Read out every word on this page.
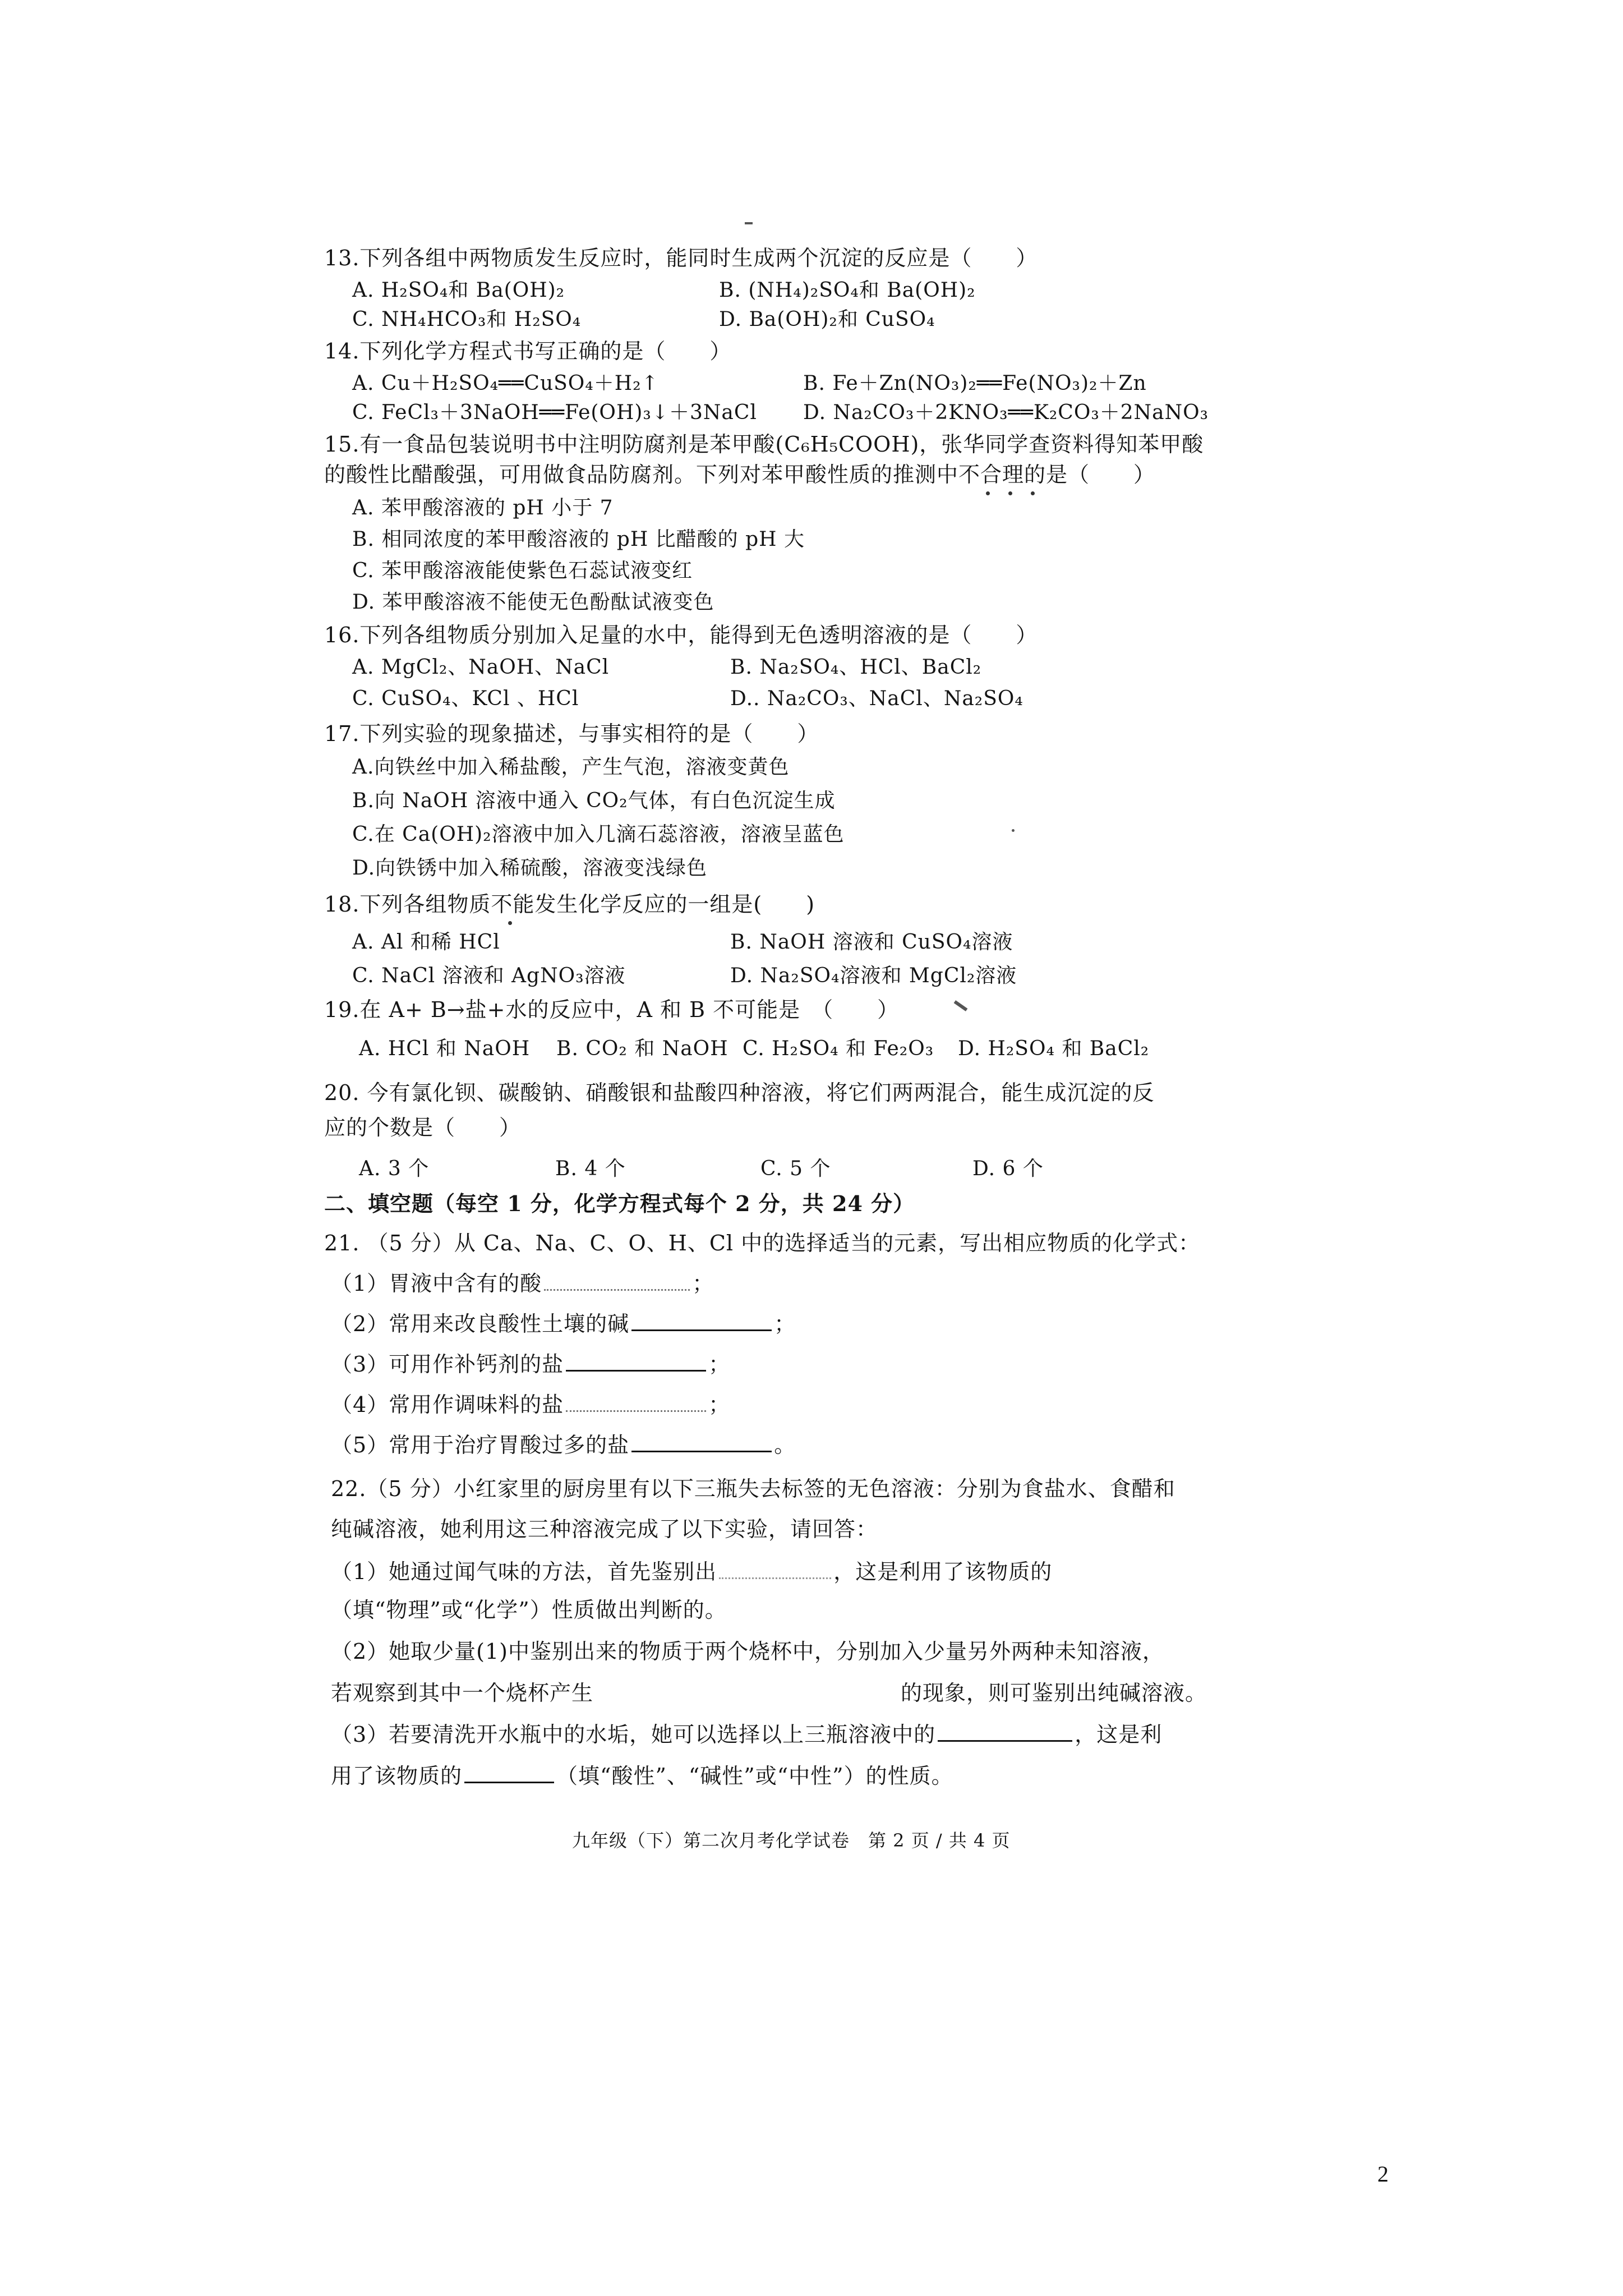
13.下列各组中两物质发生反应时，能同时生成两个沉淀的反应是（　　）
A. H₂SO₄和 Ba(OH)₂	B. (NH₄)₂SO₄和 Ba(OH)₂
C. NH₄HCO₃和 H₂SO₄	D. Ba(OH)₂和 CuSO₄
14.下列化学方程式书写正确的是（　　）
A. Cu＋H₂SO₄══CuSO₄＋H₂↑	B. Fe＋Zn(NO₃)₂══Fe(NO₃)₂＋Zn
C. FeCl₃＋3NaOH══Fe(OH)₃↓＋3NaCl D. Na₂CO₃＋2KNO₃══K₂CO₃＋2NaNO₃
15.有一食品包装说明书中注明防腐剂是苯甲酸(C₆H₅COOH)，张华同学查资料得知苯甲酸
的酸性比醋酸强，可用做食品防腐剂。下列对苯甲酸性质的推测中不合理的是（　　）
A. 苯甲酸溶液的 pH 小于 7
B. 相同浓度的苯甲酸溶液的 pH 比醋酸的 pH 大
C. 苯甲酸溶液能使紫色石蕊试液变红
D. 苯甲酸溶液不能使无色酚酞试液变色
16.下列各组物质分别加入足量的水中，能得到无色透明溶液的是（　　）
A. MgCl₂、NaOH、NaCl	B. Na₂SO₄、HCl、BaCl₂
C. CuSO₄、KCl 、HCl	D.. Na₂CO₃、NaCl、Na₂SO₄
17.下列实验的现象描述，与事实相符的是（　　）
A.向铁丝中加入稀盐酸，产生气泡，溶液变黄色
B.向 NaOH 溶液中通入 CO₂气体，有白色沉淀生成
C.在 Ca(OH)₂溶液中加入几滴石蕊溶液，溶液呈蓝色
D.向铁锈中加入稀硫酸，溶液变浅绿色
18.下列各组物质不能发生化学反应的一组是(　　)
A. Al 和稀 HCl	B. NaOH 溶液和 CuSO₄溶液
C. NaCl 溶液和 AgNO₃溶液	D. Na₂SO₄溶液和 MgCl₂溶液
19.在 A+ B→盐+水的反应中，A 和 B 不可能是　（　　）
A. HCl 和 NaOH B. CO₂ 和 NaOH C. H₂SO₄ 和 Fe₂O₃ D. H₂SO₄ 和 BaCl₂
20. 今有氯化钡、碳酸钠、硝酸银和盐酸四种溶液，将它们两两混合，能生成沉淀的反
应的个数是（　　）
A. 3 个	B. 4 个	C. 5 个	D. 6 个
二、填空题（每空 1 分，化学方程式每个 2 分，共 24 分）
21. （5 分）从 Ca、Na、C、O、H、Cl 中的选择适当的元素，写出相应物质的化学式：
（1）胃液中含有的酸	；
（2）常用来改良酸性土壤的碱	；
（3）可用作补钙剂的盐	；
（4）常用作调味料的盐	；
（5）常用于治疗胃酸过多的盐	。
22.（5 分）小红家里的厨房里有以下三瓶失去标签的无色溶液：分别为食盐水、食醋和
纯碱溶液，她利用这三种溶液完成了以下实验，请回答：
（1）她通过闻气味的方法，首先鉴别出	，这是利用了该物质的
（填“物理”或“化学”）性质做出判断的。
（2）她取少量(1)中鉴别出来的物质于两个烧杯中，分别加入少量另外两种未知溶液，
若观察到其中一个烧杯产生	的现象，则可鉴别出纯碱溶液。
（3）若要清洗开水瓶中的水垢，她可以选择以上三瓶溶液中的	，这是利
用了该物质的	（填“酸性”、“碱性”或“中性”）的性质。
九年级（下）第二次月考化学试卷　第 2 页 / 共 4 页
2
